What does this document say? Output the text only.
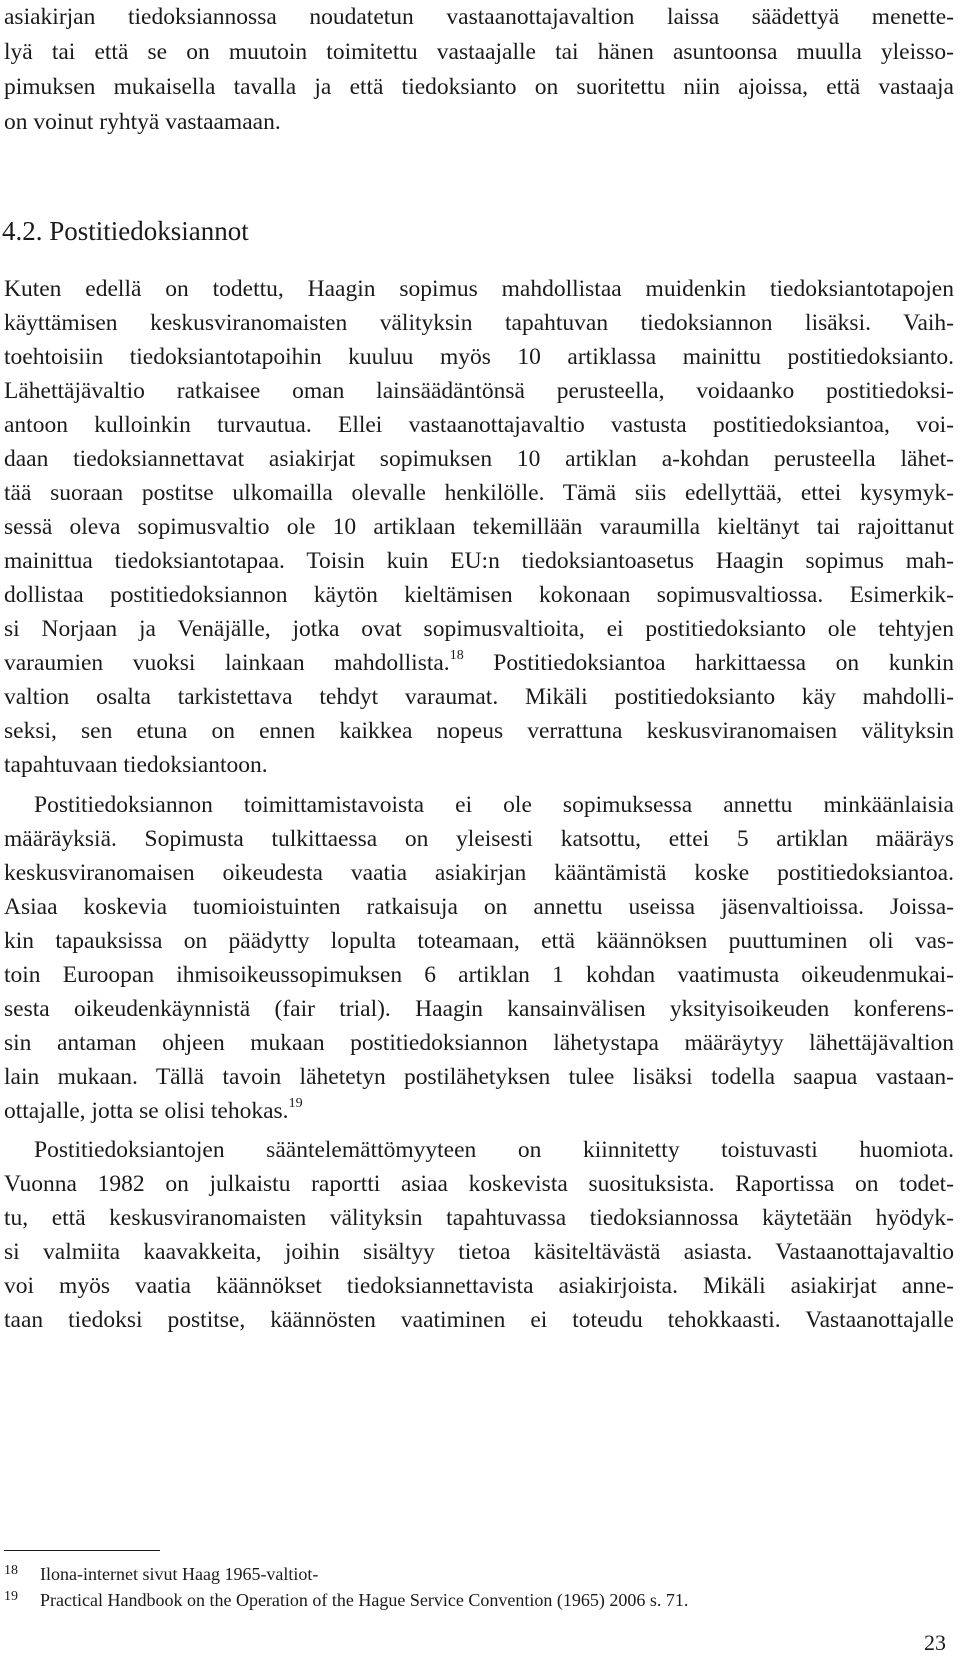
asiakirjan tiedoksiannossa noudatetun vastaanottajavaltion laissa säädettyä menette-
lyä tai että se on muutoin toimitettu vastaajalle tai hänen asuntoonsa muulla yleisso-
pimuksen mukaisella tavalla ja että tiedoksianto on suoritettu niin ajoissa, että vastaaja
on voinut ryhtyä vastaamaan.
4.2. Postitiedoksiannot
Kuten edellä on todettu, Haagin sopimus mahdollistaa muidenkin tiedoksiantotapojen
käyttämisen keskusviranomaisten välityksin tapahtuvan tiedoksiannon lisäksi. Vaih-
toehtoisiin tiedoksiantotapoihin kuuluu myös 10 artiklassa mainittu postitiedoksianto.
Lähettäjävaltio ratkaisee oman lainsäädäntönsä perusteella, voidaanko postitiedoksi-
antoon kulloinkin turvautua. Ellei vastaanottajavaltio vastusta postitiedoksiantoa, voi-
daan tiedoksiannettavat asiakirjat sopimuksen 10 artiklan a-kohdan perusteella lähet-
tää suoraan postitse ulkomailla olevalle henkilölle. Tämä siis edellyttää, ettei kysymyk-
sessä oleva sopimusvaltio ole 10 artiklaan tekemillään varaumilla kieltänyt tai rajoittanut
mainittua tiedoksiantotapaa. Toisin kuin EU:n tiedoksiantoasetus Haagin sopimus mah-
dollistaa postitiedoksiannon käytön kieltämisen kokonaan sopimusvaltiossa. Esimerkik-
si Norjaan ja Venäjälle, jotka ovat sopimusvaltioita, ei postitiedoksianto ole tehtyjen
varaumien vuoksi lainkaan mahdollista.$^{18}$ Postitiedoksiantoa harkittaessa on kunkin
valtion osalta tarkistettava tehdyt varaumat. Mikäli postitiedoksianto käy mahdolli-
seksi, sen etuna on ennen kaikkea nopeus verrattuna keskusviranomaisen välityksin
tapahtuvaan tiedoksiantoon.
Postitiedoksiannon toimittamistavoista ei ole sopimuksessa annettu minkäänlaisia
määräyksiä. Sopimusta tulkittaessa on yleisesti katsottu, ettei 5 artiklan määräys
keskusviranomaisen oikeudesta vaatia asiakirjan kääntämistä koske postitiedoksiantoa.
Asiaa koskevia tuomioistuinten ratkaisuja on annettu useissa jäsenvaltioissa. Joissa-
kin tapauksissa on päädytty lopulta toteamaan, että käännöksen puuttuminen oli vas-
toin Euroopan ihmisoikeussopimuksen 6 artiklan 1 kohdan vaatimusta oikeudenmukai-
sesta oikeudenkäynnistä (fair trial). Haagin kansainvälisen yksityisoikeuden konferens-
sin antaman ohjeen mukaan postitiedoksiannon lähetystapa määräytyy lähettäjävaltion
lain mukaan. Tällä tavoin lähetetyn postilähetyksen tulee lisäksi todella saapua vastaan-
ottajalle, jotta se olisi tehokas.$^{19}$
Postitiedoksiantojen sääntelemättömyyteen on kiinnitetty toistuvasti huomiota.
Vuonna 1982 on julkaistu raportti asiaa koskevista suosituksista. Raportissa on todet-
tu, että keskusviranomaisten välityksin tapahtuvassa tiedoksiannossa käytetään hyödyk-
si valmiita kaavakkeita, joihin sisältyy tietoa käsiteltävästä asiasta. Vastaanottajavaltio
voi myös vaatia käännökset tiedoksiannettavista asiakirjoista. Mikäli asiakirjat anne-
taan tiedoksi postitse, käännösten vaatiminen ei toteudu tehokkaasti. Vastaanottajalle
18 Ilona-internet sivut Haag 1965-valtiot-
19 Practical Handbook on the Operation of the Hague Service Convention (1965) 2006 s. 71.
23
